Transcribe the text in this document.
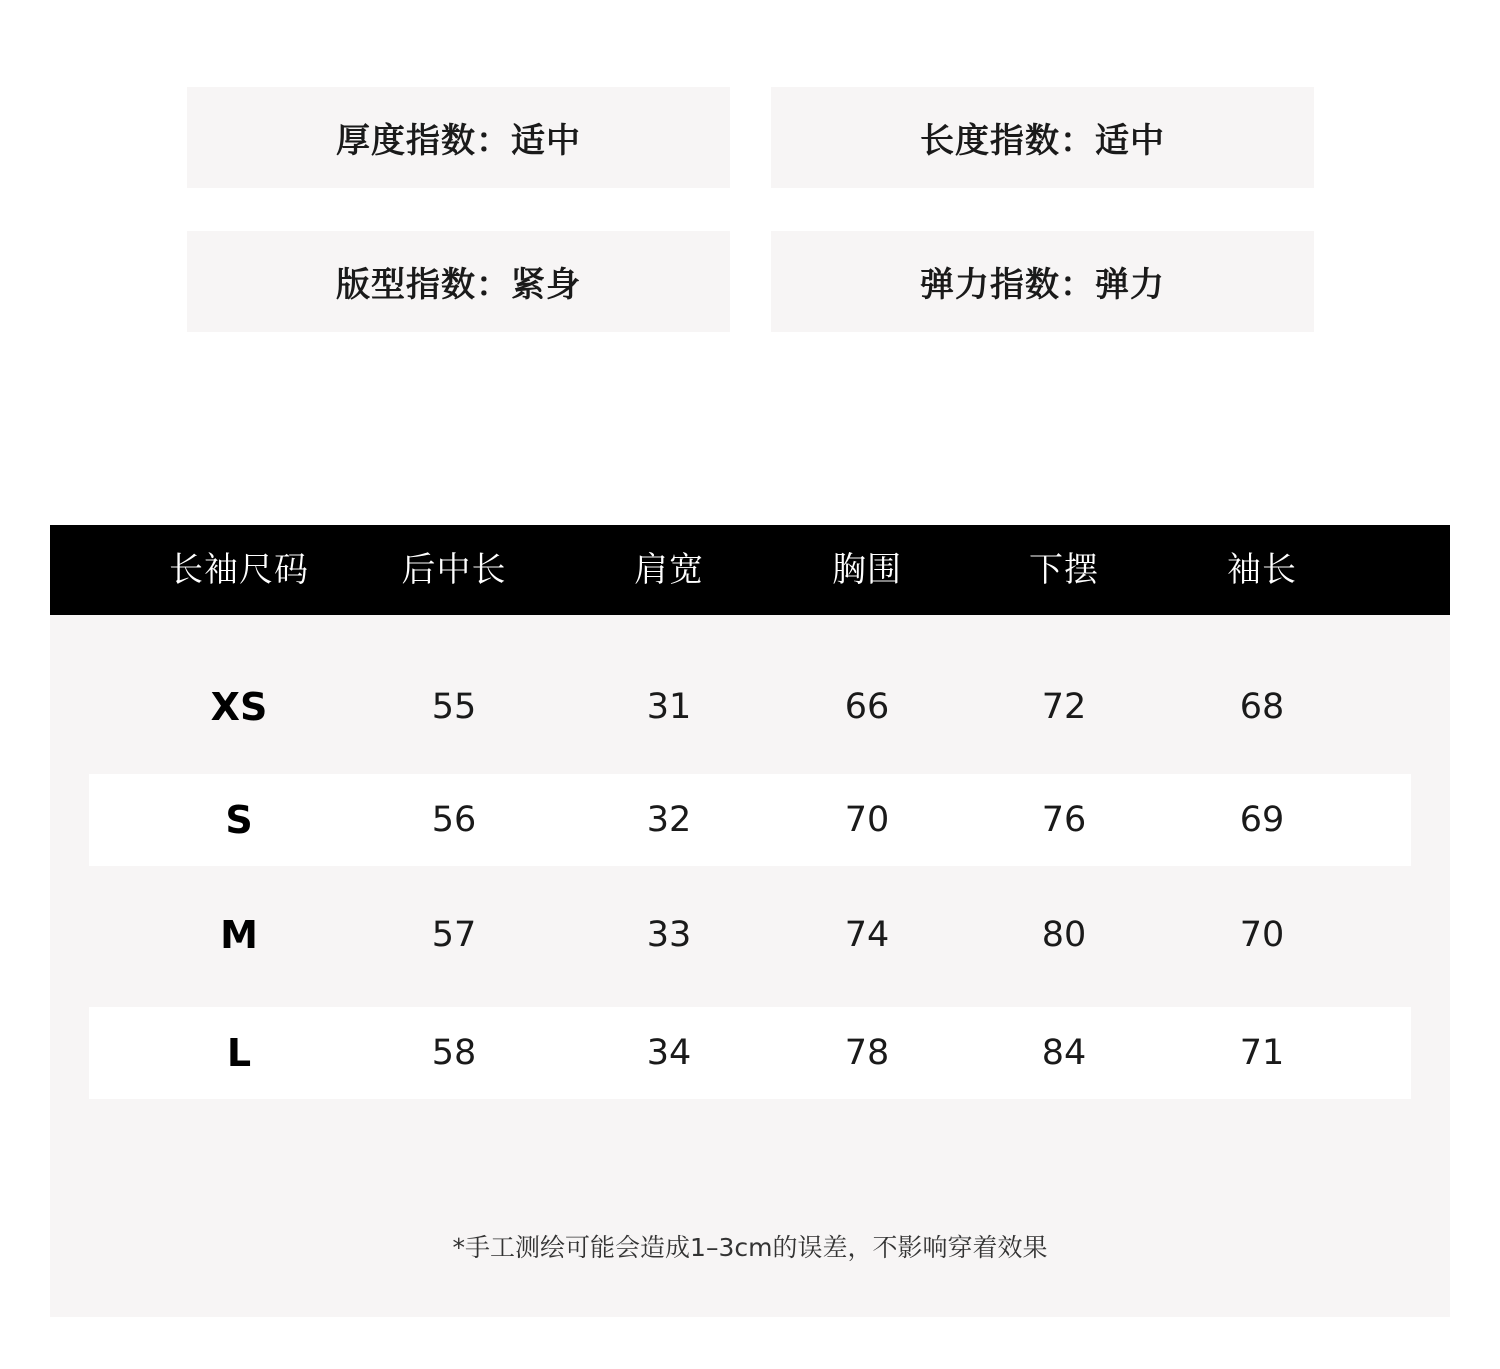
厚度指数：适中	长度指数：适中
版型指数：紧身	弹力指数：弹力
长袖尺码	后中长	肩宽	胸围	下摆	袖长
XS	55	31	66	72	68
S	56	32	70	76	69
M	57	33	74	80	70
L	58	34	78	84	71
*手工测绘可能会造成1–3cm的误差，不影响穿着效果
